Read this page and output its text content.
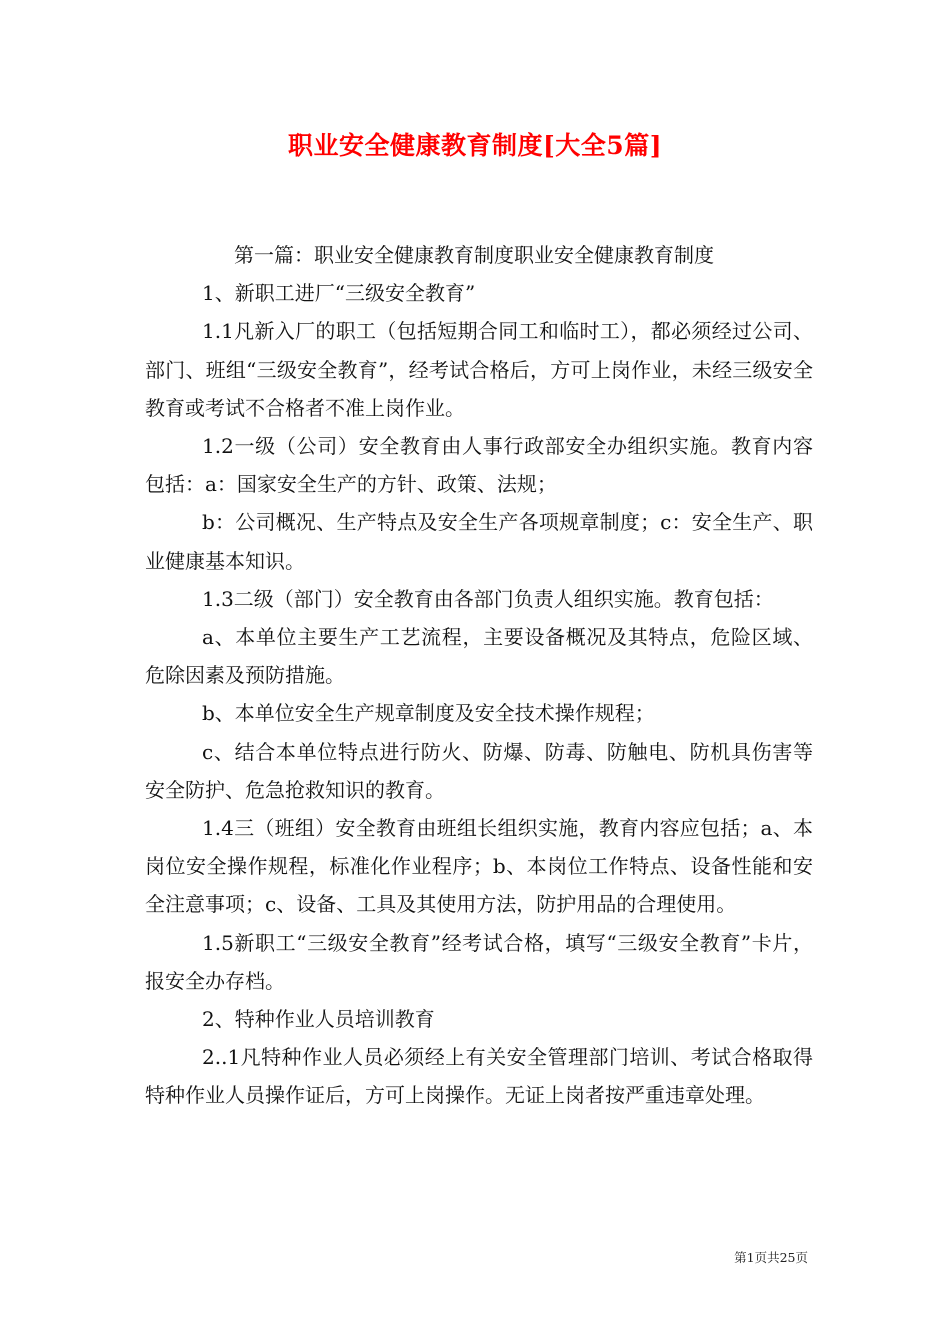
职业安全健康教育制度[大全5篇]

第一篇：职业安全健康教育制度职业安全健康教育制度

1、新职工进厂“三级安全教育”

1.1凡新入厂的职工（包括短期合同工和临时工），都必须经过公司、部门、班组“三级安全教育”，经考试合格后，方可上岗作业，未经三级安全教育或考试不合格者不准上岗作业。

1.2一级（公司）安全教育由人事行政部安全办组织实施。教育内容包括：a：国家安全生产的方针、政策、法规；

b：公司概况、生产特点及安全生产各项规章制度；c：安全生产、职业健康基本知识。

1.3二级（部门）安全教育由各部门负责人组织实施。教育包括：

a、本单位主要生产工艺流程，主要设备概况及其特点，危险区域、危除因素及预防措施。

b、本单位安全生产规章制度及安全技术操作规程；

c、结合本单位特点进行防火、防爆、防毒、防触电、防机具伤害等安全防护、危急抢救知识的教育。

1.4三（班组）安全教育由班组长组织实施，教育内容应包括；a、本岗位安全操作规程，标准化作业程序；b、本岗位工作特点、设备性能和安全注意事项；c、设备、工具及其使用方法，防护用品的合理使用。

1.5新职工“三级安全教育”经考试合格，填写“三级安全教育”卡片，报安全办存档。

2、特种作业人员培训教育

2..1凡特种作业人员必须经上有关安全管理部门培训、考试合格取得特种作业人员操作证后，方可上岗操作。无证上岗者按严重违章处理。

第1页共25页
